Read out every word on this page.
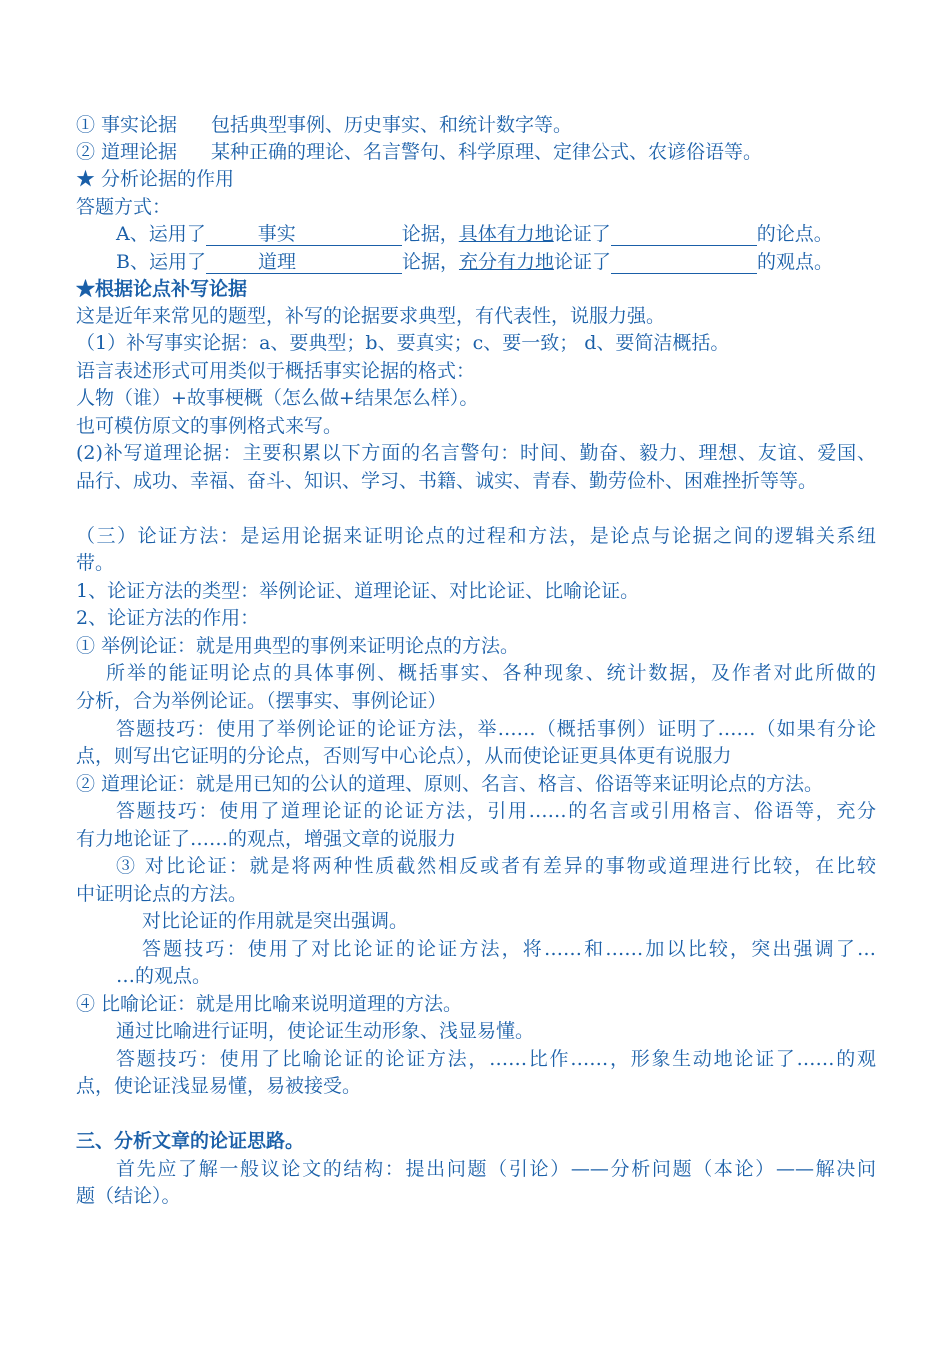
① 事实论据 包括典型事例、历史事实、和统计数字等。
② 道理论据 某种正确的理论、名言警句、科学原理、定律公式、农谚俗语等。
★ 分析论据的作用
答题方式：
A、运用了	事实	论据，具体有力地论证了	的论点。
B、运用了	道理	论据，充分有力地论证了	的观点。
★根据论点补写论据
这是近年来常见的题型，补写的论据要求典型，有代表性，说服力强。
（1）补写事实论据：a、要典型；b、要真实；c、要一致； d、要简洁概括。
语言表述形式可用类似于概括事实论据的格式：
人物（谁）+故事梗概（怎么做+结果怎么样）。
也可模仿原文的事例格式来写。
(2)补写道理论据：主要积累以下方面的名言警句：时间、勤奋、毅力、理想、友谊、爱国、
品行、成功、幸福、奋斗、知识、学习、书籍、诚实、青春、勤劳俭朴、困难挫折等等。
（三）论证方法：是运用论据来证明论点的过程和方法，是论点与论据之间的逻辑关系纽
带。
1、论证方法的类型：举例论证、道理论证、对比论证、比喻论证。
2、论证方法的作用：
① 举例论证：就是用典型的事例来证明论点的方法。
所举的能证明论点的具体事例、概括事实、各种现象、统计数据，及作者对此所做的
分析，合为举例论证。（摆事实、事例论证）
答题技巧：使用了举例论证的论证方法，举……（概括事例）证明了……（如果有分论
点，则写出它证明的分论点，否则写中心论点），从而使论证更具体更有说服力
② 道理论证：就是用已知的公认的道理、原则、名言、格言、俗语等来证明论点的方法。
答题技巧：使用了道理论证的论证方法，引用……的名言或引用格言、俗语等，充分
有力地论证了……的观点，增强文章的说服力
③ 对比论证：就是将两种性质截然相反或者有差异的事物或道理进行比较，在比较
中证明论点的方法。
对比论证的作用就是突出强调。
答题技巧：使用了对比论证的论证方法，将……和……加以比较，突出强调了…
…的观点。
④ 比喻论证：就是用比喻来说明道理的方法。
通过比喻进行证明，使论证生动形象、浅显易懂。
答题技巧：使用了比喻论证的论证方法，……比作……，形象生动地论证了……的观
点，使论证浅显易懂，易被接受。
三、分析文章的论证思路。
首先应了解一般议论文的结构：提出问题（引论）——分析问题（本论）——解决问
题（结论）。
